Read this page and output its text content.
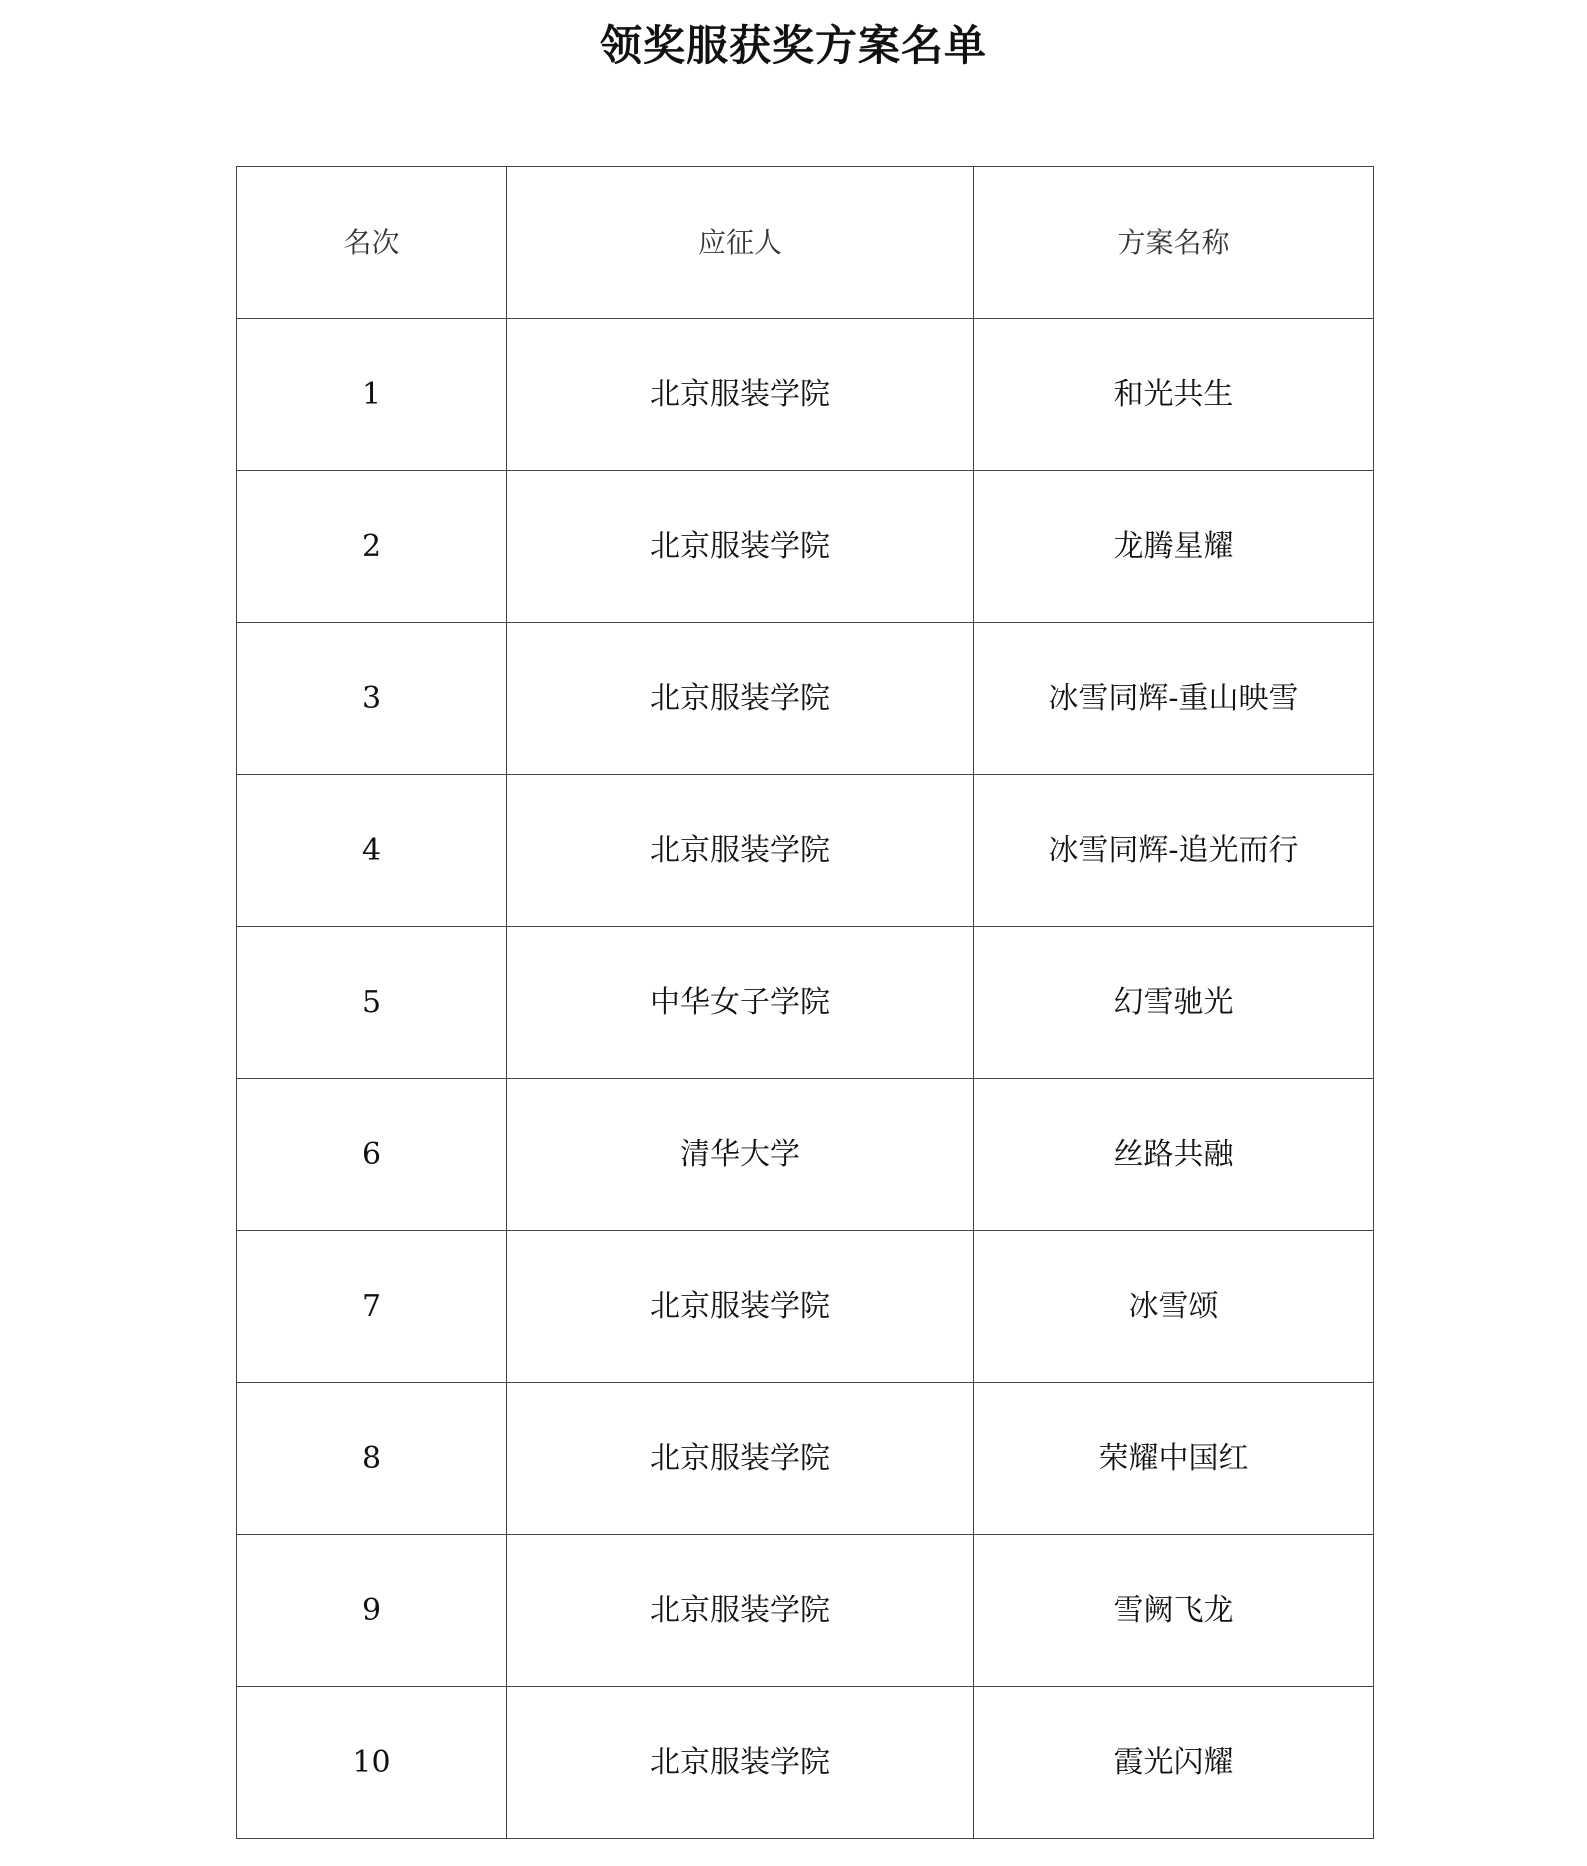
领奖服获奖方案名单
名次	应征人	方案名称
1	北京服装学院	和光共生
2	北京服装学院	龙腾星耀
3	北京服装学院	冰雪同辉-重山映雪
4	北京服装学院	冰雪同辉-追光而行
5	中华女子学院	幻雪驰光
6	清华大学	丝路共融
7	北京服装学院	冰雪颂
8	北京服装学院	荣耀中国红
9	北京服装学院	雪阙飞龙
10	北京服装学院	霞光闪耀
